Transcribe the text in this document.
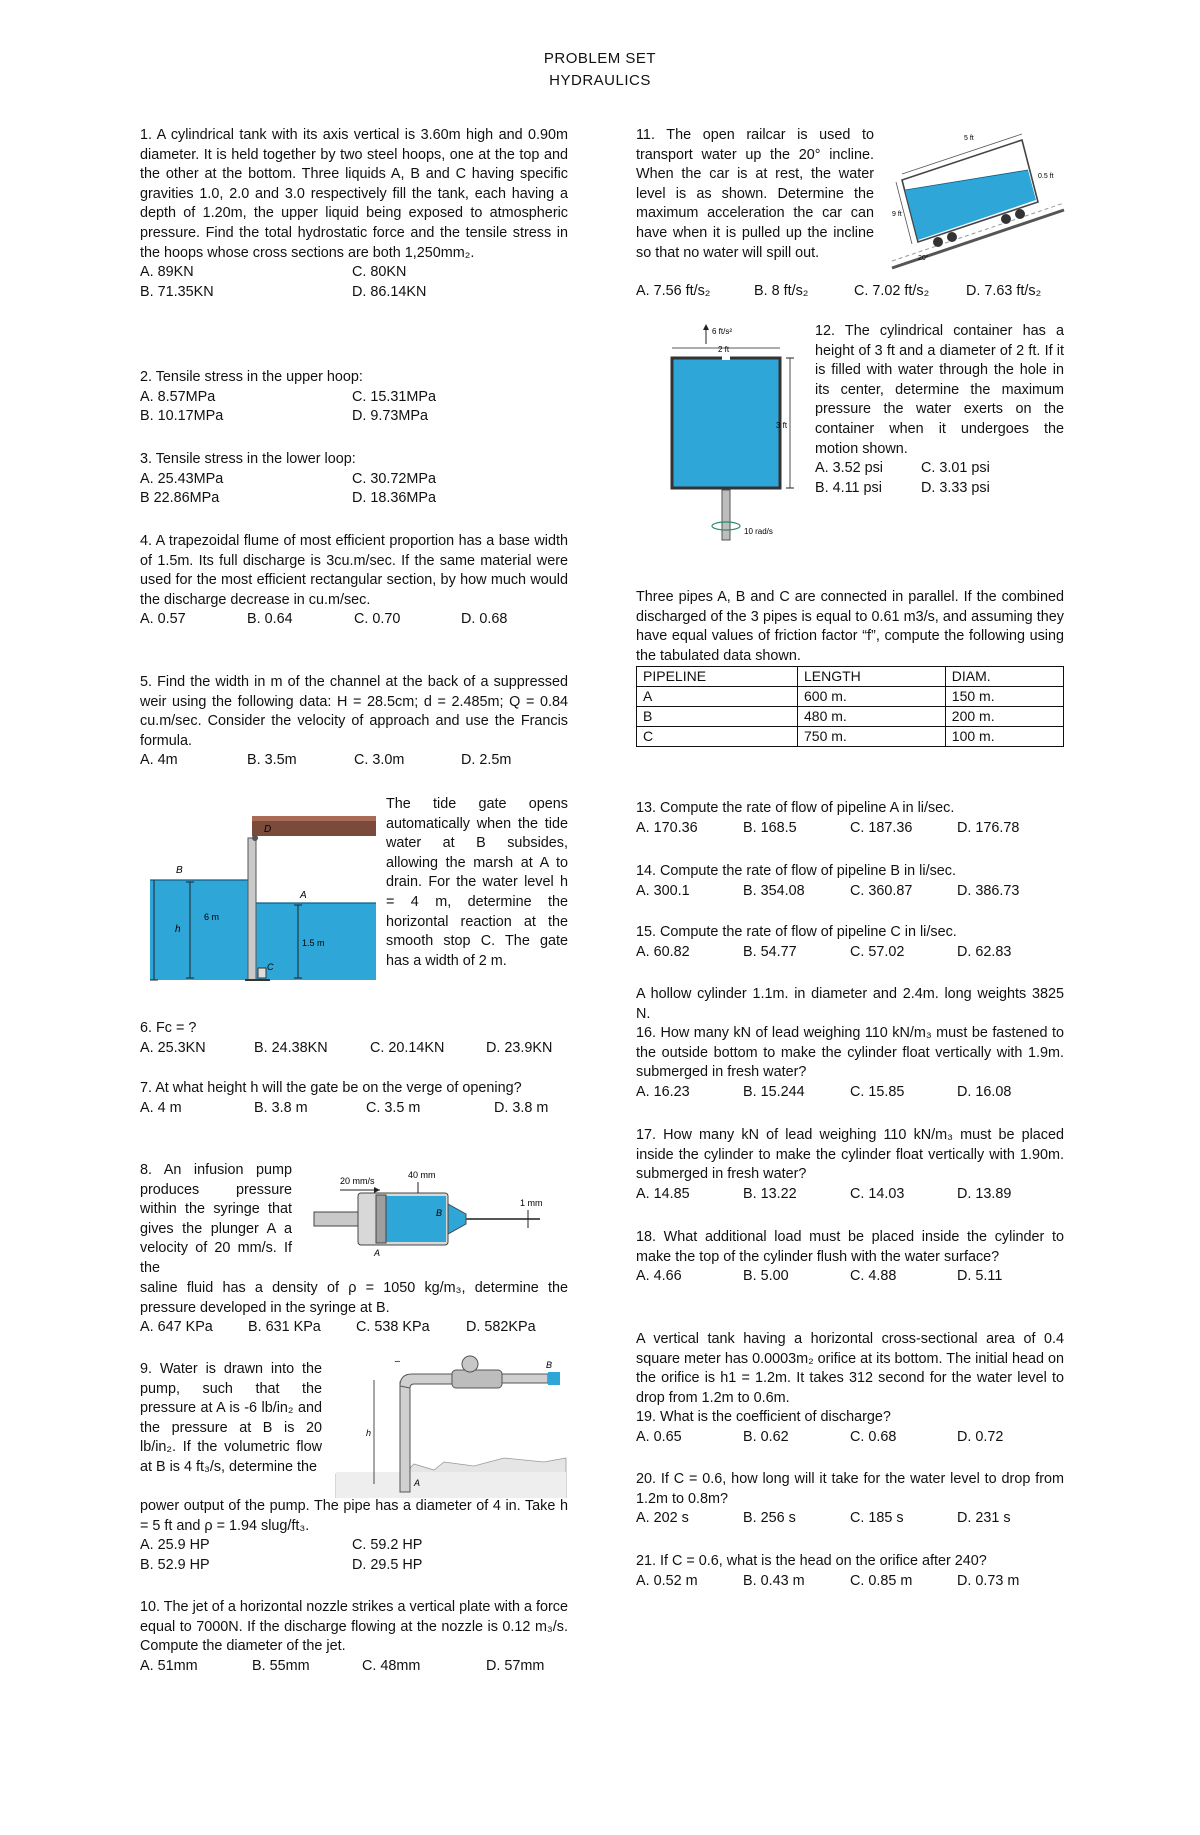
PROBLEM SET
HYDRAULICS

1. A cylindrical tank with its axis vertical is 3.60m high and 0.90m diameter. It is held together by two steel hoops, one at the top and the other at the bottom. Three liquids A, B and C having specific gravities 1.0, 2.0 and 3.0 respectively fill the tank, each having a depth of 1.20m, the upper liquid being exposed to atmospheric pressure. Find the total hydrostatic force and the tensile stress in the hoops whose cross sections are both 1,250mm₂.

A. 89KN	C. 80KN
B. 71.35KN	D. 86.14KN

2. Tensile stress in the upper hoop:

A. 8.57MPa	C. 15.31MPa
B. 10.17MPa	D. 9.73MPa

3. Tensile stress in the lower loop:

A. 25.43MPa	C. 30.72MPa
B 22.86MPa	D. 18.36MPa

4. A trapezoidal flume of most efficient proportion has a base width of 1.5m. Its full discharge is 3cu.m/sec. If the same material were used for the most efficient rectangular section, by how much would the discharge decrease in cu.m/sec.

A. 0.57	B. 0.64	C. 0.70	D. 0.68

5. Find the width in m of the channel at the back of a suppressed weir using the following data: H = 28.5cm; d = 2.485m; Q = 0.84 cu.m/sec. Consider the velocity of approach and use the Francis formula.

A. 4m	B. 3.5m	C. 3.0m	D. 2.5m
D
B
A
h
6 m
1.5 m
C

The tide gate opens automatically when the tide water at B subsides, allowing the marsh at A to drain. For the water level h = 4 m, determine the horizontal reaction at the smooth stop C. The gate has a width of 2 m.

6. Fc = ?

A. 25.3KN	B. 24.38KN	C. 20.14KN	D. 23.9KN

7. At what height h will the gate be on the verge of opening?

A. 4 m	B. 3.8 m	C. 3.5 m	D. 3.8 m

8. An infusion pump produces pressure within the syringe that gives the plunger A a velocity of 20 mm/s. If the

20 mm/s
40 mm
1 mm
B
A

saline fluid has a density of ρ = 1050 kg/m₃, determine the pressure developed in the syringe at B.

A. 647 KPa	B. 631 KPa	C. 538 KPa	D. 582KPa

9. Water is drawn into the pump, such that the pressure at A is -6 lb/in₂ and the pressure at B is 20 lb/in₂. If the volumetric flow at B is 4 ft₃/s, determine the

∽	B
h
A

power output of the pump. The pipe has a diameter of 4 in. Take h = 5 ft and ρ = 1.94 slug/ft₃.

A. 25.9 HP	C. 59.2 HP
B. 52.9 HP	D. 29.5 HP

10. The jet of a horizontal nozzle strikes a vertical plate with a force equal to 7000N. If the discharge flowing at the nozzle is 0.12 m₃/s. Compute the diameter of the jet.

A. 51mm	B. 55mm	C. 48mm	D. 57mm

11. The open railcar is used to transport water up the 20° incline. When the car is at rest, the water level is as shown. Determine the maximum acceleration the car can have when it is pulled up the incline so that no water will spill out.

5 ft
9 ft
0.5 ft
20°
A. 7.56 ft/s₂	B. 8 ft/s₂	C. 7.02 ft/s₂	D. 7.63 ft/s₂
6 ft/s²
2 ft
3 ft
10 rad/s

12. The cylindrical container has a height of 3 ft and a diameter of 2 ft. If it is filled with water through the hole in its center, determine the maximum pressure the water exerts on the container when it undergoes the motion shown.

A. 3.52 psi	C. 3.01 psi
B. 4.11 psi	D. 3.33 psi

Three pipes A, B and C are connected in parallel. If the combined discharged of the 3 pipes is equal to 0.61 m3/s, and assuming they have equal values of friction factor “f”, compute the following using the tabulated data shown.

PIPELINE	LENGTH	DIAM.
A	600 m.	150 m.
B	480 m.	200 m.
C	750 m.	100 m.

13. Compute the rate of flow of pipeline A in li/sec.

A. 170.36	B. 168.5	C. 187.36	D. 176.78

14. Compute the rate of flow of pipeline B in li/sec.

A. 300.1	B. 354.08	C. 360.87	D. 386.73

15. Compute the rate of flow of pipeline C in li/sec.

A. 60.82	B. 54.77	C. 57.02	D. 62.83

A hollow cylinder 1.1m. in diameter and 2.4m. long weights 3825 N.

16. How many kN of lead weighing 110 kN/m₃ must be fastened to the outside bottom to make the cylinder float vertically with 1.9m. submerged in fresh water?

A. 16.23	B. 15.244	C. 15.85	D. 16.08

17. How many kN of lead weighing 110 kN/m₃ must be placed inside the cylinder to make the cylinder float vertically with 1.90m. submerged in fresh water?

A. 14.85	B. 13.22	C. 14.03	D. 13.89

18. What additional load must be placed inside the cylinder to make the top of the cylinder flush with the water surface?

A. 4.66	B. 5.00	C. 4.88	D. 5.11

A vertical tank having a horizontal cross-sectional area of 0.4 square meter has 0.0003m₂ orifice at its bottom. The initial head on the orifice is h1 = 1.2m. It takes 312 second for the water level to drop from 1.2m to 0.6m.

19. What is the coefficient of discharge?

A. 0.65	B. 0.62	C. 0.68	D. 0.72

20. If C = 0.6, how long will it take for the water level to drop from 1.2m to 0.8m?

A. 202 s	B. 256 s	C. 185 s	D. 231 s

21. If C = 0.6, what is the head on the orifice after 240?

A. 0.52 m	B. 0.43 m	C. 0.85 m	D. 0.73 m
